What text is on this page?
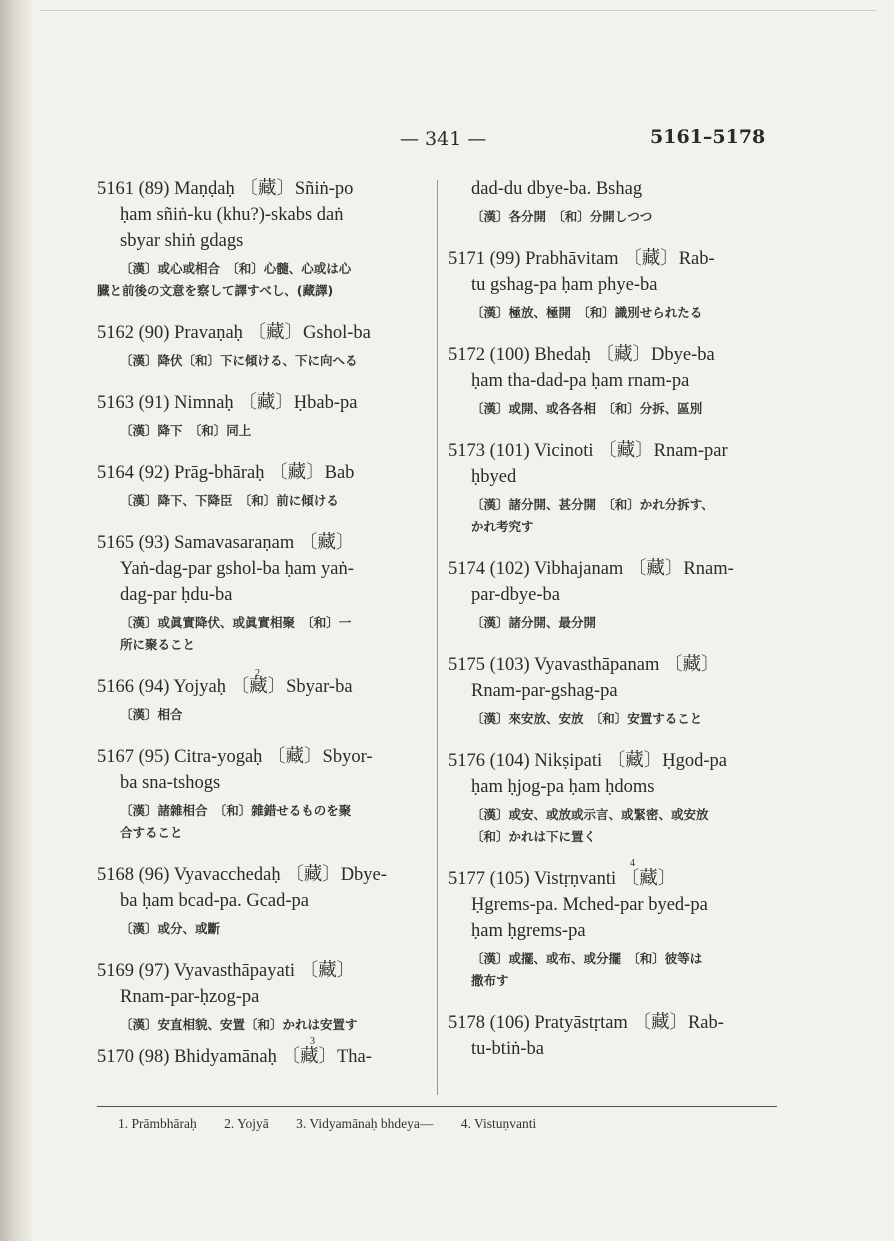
— 341 —	5161–5178

5161 (89) Maṇḍaḥ 〔藏〕Sñiṅ-po

ḥam sñiṅ-ku (khu?)-skabs daṅ

sbyar shiṅ gdags

〔漢〕或心或相合　〔和〕心髓、心或は心

臓と前後の文意を察して譯すべし、(藏譯)

5162 (90) Pravaṇaḥ 〔藏〕Gshol-ba

〔漢〕降伏〔和〕下に傾ける、下に向へる

5163 (91) Nimnaḥ 〔藏〕Ḥbab-pa

〔漢〕降下　〔和〕同上

5164 (92) Prāg-bhāraḥ 〔藏〕Bab

〔漢〕降下、下降臣　〔和〕前に傾ける

5165 (93) Samavasaraṇam 〔藏〕

Yaṅ-dag-par gshol-ba ḥam yaṅ-

dag-par ḥdu-ba

〔漢〕或眞實降伏、或眞實相聚　〔和〕一

所に聚ること

2

5166 (94) Yojyaḥ 〔藏〕Sbyar-ba

〔漢〕相合

5167 (95) Citra-yogaḥ 〔藏〕Sbyor-

ba sna-tshogs

〔漢〕諸雜相合　〔和〕雜錯せるものを聚

合すること

5168 (96) Vyavacchedaḥ 〔藏〕Dbye-

ba ḥam bcad-pa. Gcad-pa

〔漢〕或分、或斷

5169 (97) Vyavasthāpayati 〔藏〕

Rnam-par-ḥzog-pa

〔漢〕安直相貌、安置〔和〕かれは安置す

3

5170 (98) Bhidyamānaḥ 〔藏〕Tha-

dad-du dbye-ba. Bshag

〔漢〕各分開　〔和〕分開しつつ

5171 (99) Prabhāvitam 〔藏〕Rab-

tu gshag-pa ḥam phye-ba

〔漢〕極放、極開　〔和〕識別せられたる

5172 (100) Bhedaḥ 〔藏〕Dbye-ba

ḥam tha-dad-pa ḥam rnam-pa

〔漢〕或開、或各各相　〔和〕分拆、區別

5173 (101) Vicinoti 〔藏〕Rnam-par

ḥbyed

〔漢〕諸分開、甚分開　〔和〕かれ分拆す、

かれ考究す

5174 (102) Vibhajanam 〔藏〕Rnam-

par-dbye-ba

〔漢〕諸分開、最分開

5175 (103) Vyavasthāpanam 〔藏〕

Rnam-par-gshag-pa

〔漢〕來安放、安放　〔和〕安置すること

5176 (104) Nikṣipati 〔藏〕Ḥgod-pa

ḥam ḥjog-pa ḥam ḥdoms

〔漢〕或安、或放或示言、或緊密、或安放

〔和〕かれは下に置く

4

5177 (105) Vistṛṇvanti 〔藏〕

Ḥgrems-pa. Mched-par byed-pa

ḥam ḥgrems-pa

〔漢〕或擺、或布、或分擺　〔和〕彼等は

撒布す

5178 (106) Pratyāstṛtam 〔藏〕Rab-

tu-btiṅ-ba

1. Prāmbhāraḥ 2. Yojyā 3. Vidyamānaḥ bhdeya— 4. Vistuṇvanti
